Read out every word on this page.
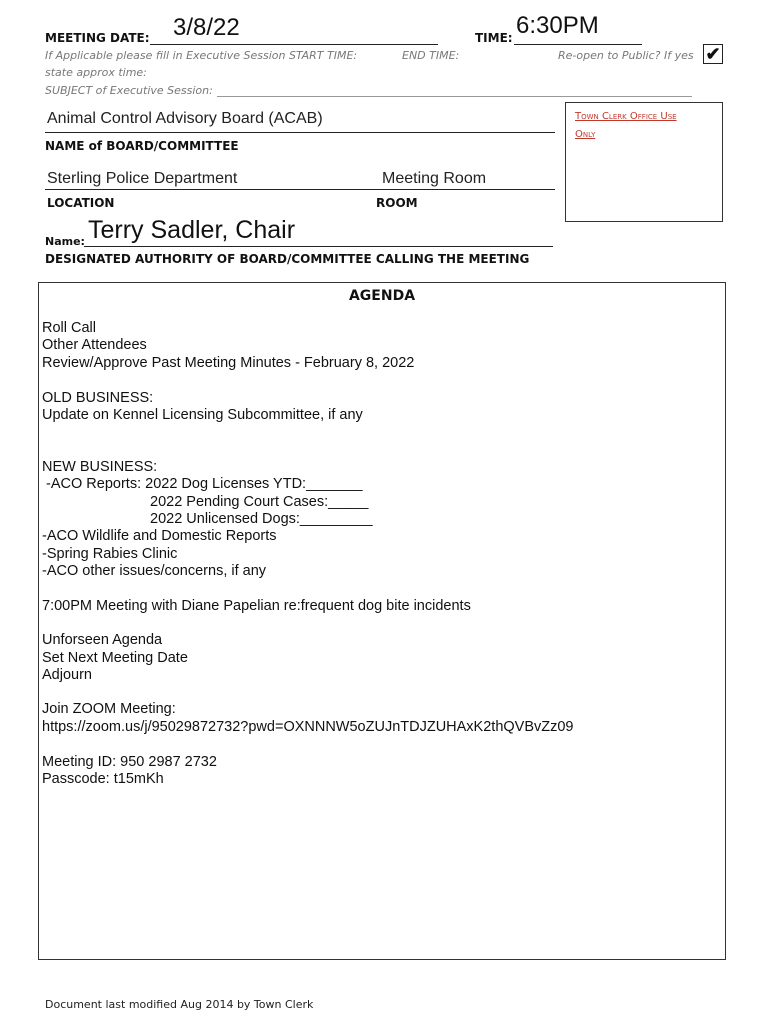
MEETING DATE: 3/8/22	TIME: 6:30PM
If Applicable please fill in Executive Session START TIME:	END TIME:	Re-open to Public? If yes ✔
state approx time:
SUBJECT of Executive Session:
Animal Control Advisory Board (ACAB)
NAME of BOARD/COMMITTEE
Sterling Police Department	Meeting Room
LOCATION	ROOM
Name: Terry Sadler, Chair
DESIGNATED AUTHORITY OF BOARD/COMMITTEE CALLING THE MEETING
Town Clerk Office Use
Only
AGENDA
Roll Call
Other Attendees
Review/Approve Past Meeting Minutes - February 8, 2022
OLD BUSINESS:
Update on Kennel Licensing Subcommittee, if any
NEW BUSINESS:
-ACO Reports: 2022 Dog Licenses YTD:_______
2022 Pending Court Cases:_____
2022 Unlicensed Dogs:_________
-ACO Wildlife and Domestic Reports
-Spring Rabies Clinic
-ACO other issues/concerns, if any
7:00PM Meeting with Diane Papelian re:frequent dog bite incidents
Unforseen Agenda
Set Next Meeting Date
Adjourn
Join ZOOM Meeting:
https://zoom.us/j/95029872732?pwd=OXNNNW5oZUJnTDJZUHAxK2thQVBvZz09
Meeting ID: 950 2987 2732
Passcode: t15mKh
Document last modified Aug 2014 by Town Clerk
